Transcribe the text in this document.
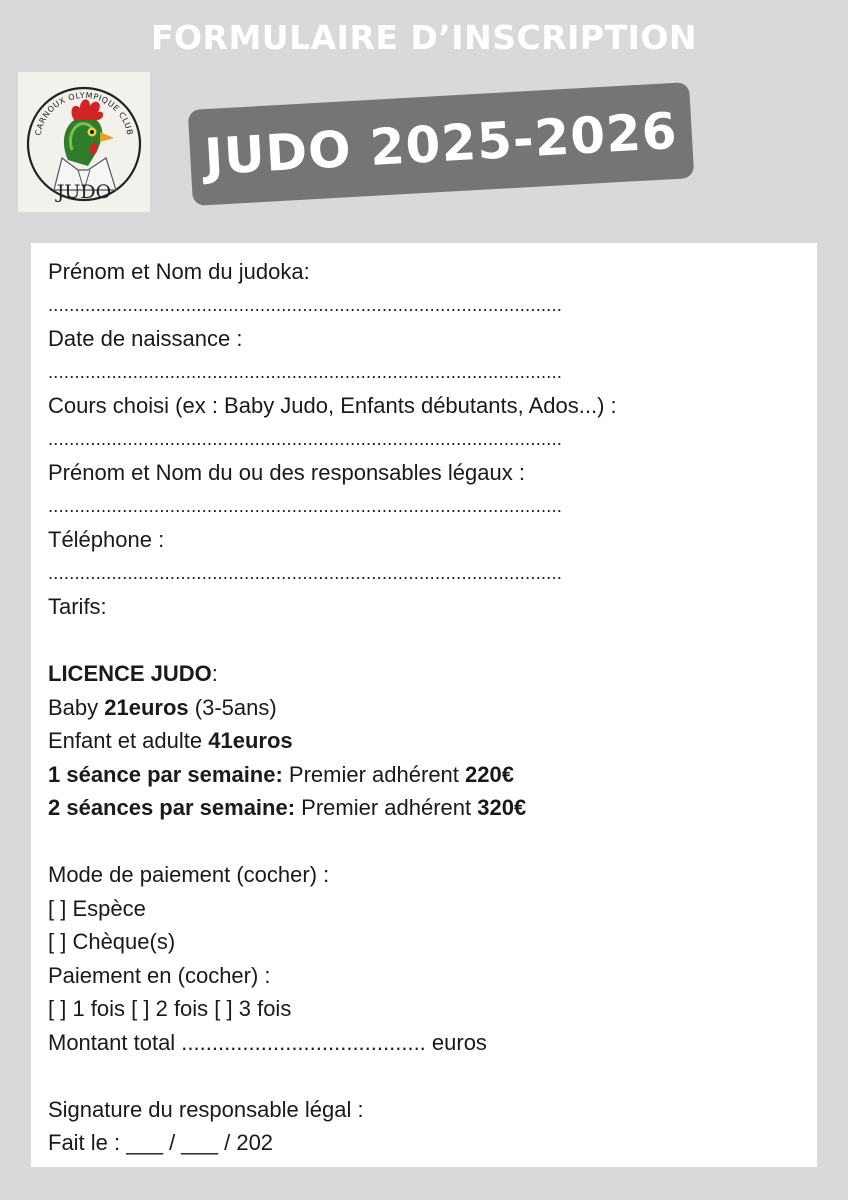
FORMULAIRE D’INSCRIPTION
CARNOUX OLYMPIQUE CLUB
JUDO
JUDO 2025-2026
Prénom et Nom du judoka:
.................................................................................................
Date de naissance :
.................................................................................................
Cours choisi (ex : Baby Judo, Enfants débutants, Ados...) :
.................................................................................................
Prénom et Nom du ou des responsables légaux :
.................................................................................................
Téléphone :
.................................................................................................
Tarifs:
LICENCE JUDO:
Baby 21euros (3-5ans)
Enfant et adulte 41euros
1 séance par semaine: Premier adhérent 220€
2 séances par semaine: Premier adhérent 320€
Mode de paiement (cocher) :
[ ] Espèce
[ ] Chèque(s)
Paiement en (cocher) :
[ ] 1 fois [ ] 2 fois [ ] 3 fois
Montant total ........................................ euros
Signature du responsable légal :
Fait le : ___ / ___ / 202
